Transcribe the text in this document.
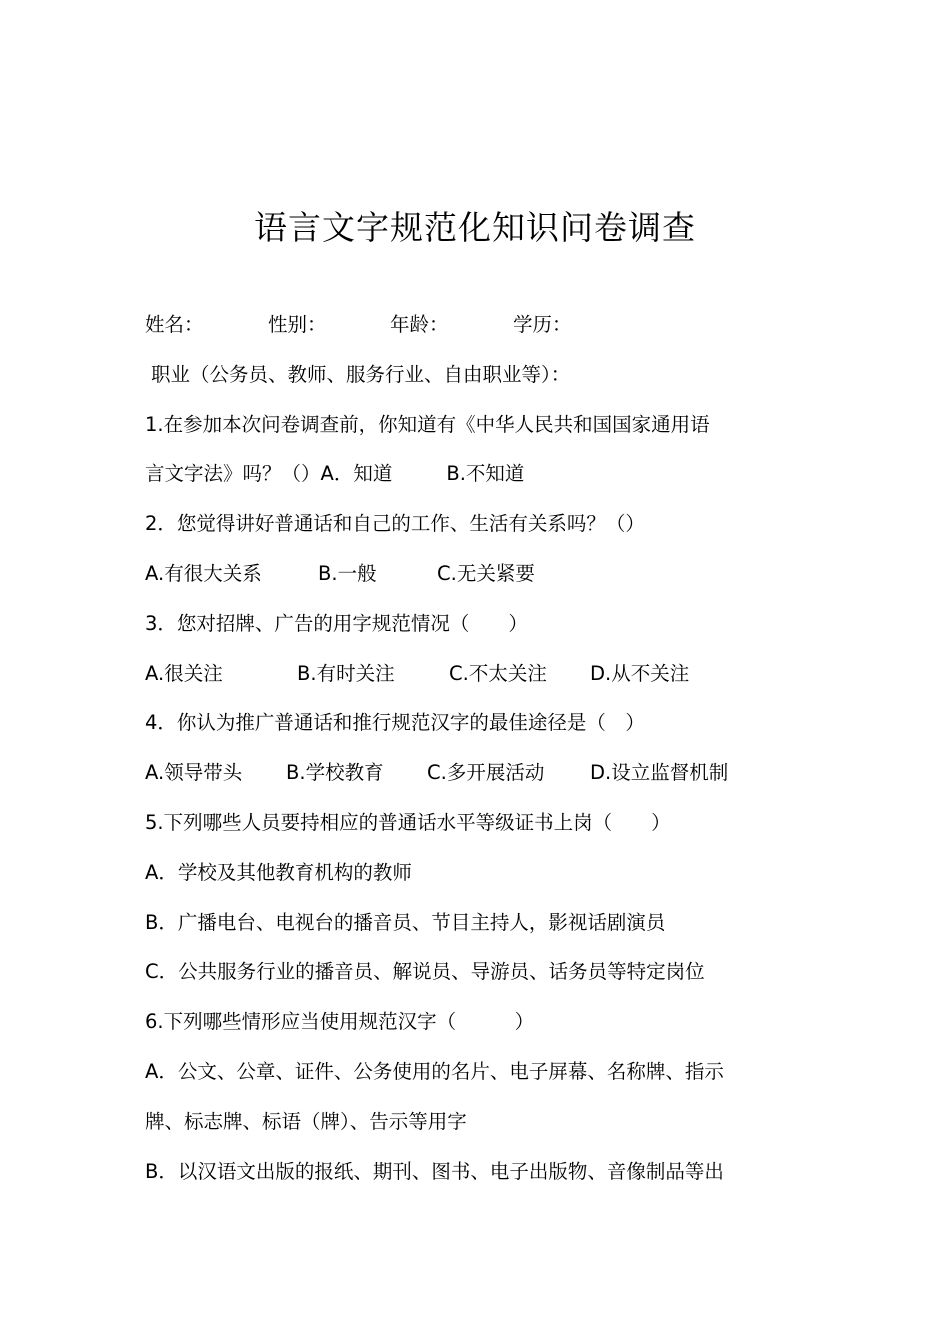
语言文字规范化知识问卷调查
姓名：	性别：	年龄：	学历：
职业（公务员、教师、服务行业、自由职业等）：
1.在参加本次问卷调查前，你知道有《中华人民共和国国家通用语
言文字法》吗？（）A．知道	B.不知道
2．您觉得讲好普通话和自己的工作、生活有关系吗？（）
A.有很大关系	B.一般	C.无关紧要
3．您对招牌、广告的用字规范情况（　　）
A.很关注	B.有时关注	C.不太关注 D.从不关注
4．你认为推广普通话和推行规范汉字的最佳途径是（　）
A.领导带头 B.学校教育 C.多开展活动 D.设立监督机制
5.下列哪些人员要持相应的普通话水平等级证书上岗（　　）
A．学校及其他教育机构的教师
B．广播电台、电视台的播音员、节目主持人，影视话剧演员
C．公共服务行业的播音员、解说员、导游员、话务员等特定岗位
6.下列哪些情形应当使用规范汉字（　　　）
A．公文、公章、证件、公务使用的名片、电子屏幕、名称牌、指示
牌、标志牌、标语（牌）、告示等用字
B．以汉语文出版的报纸、期刊、图书、电子出版物、音像制品等出
